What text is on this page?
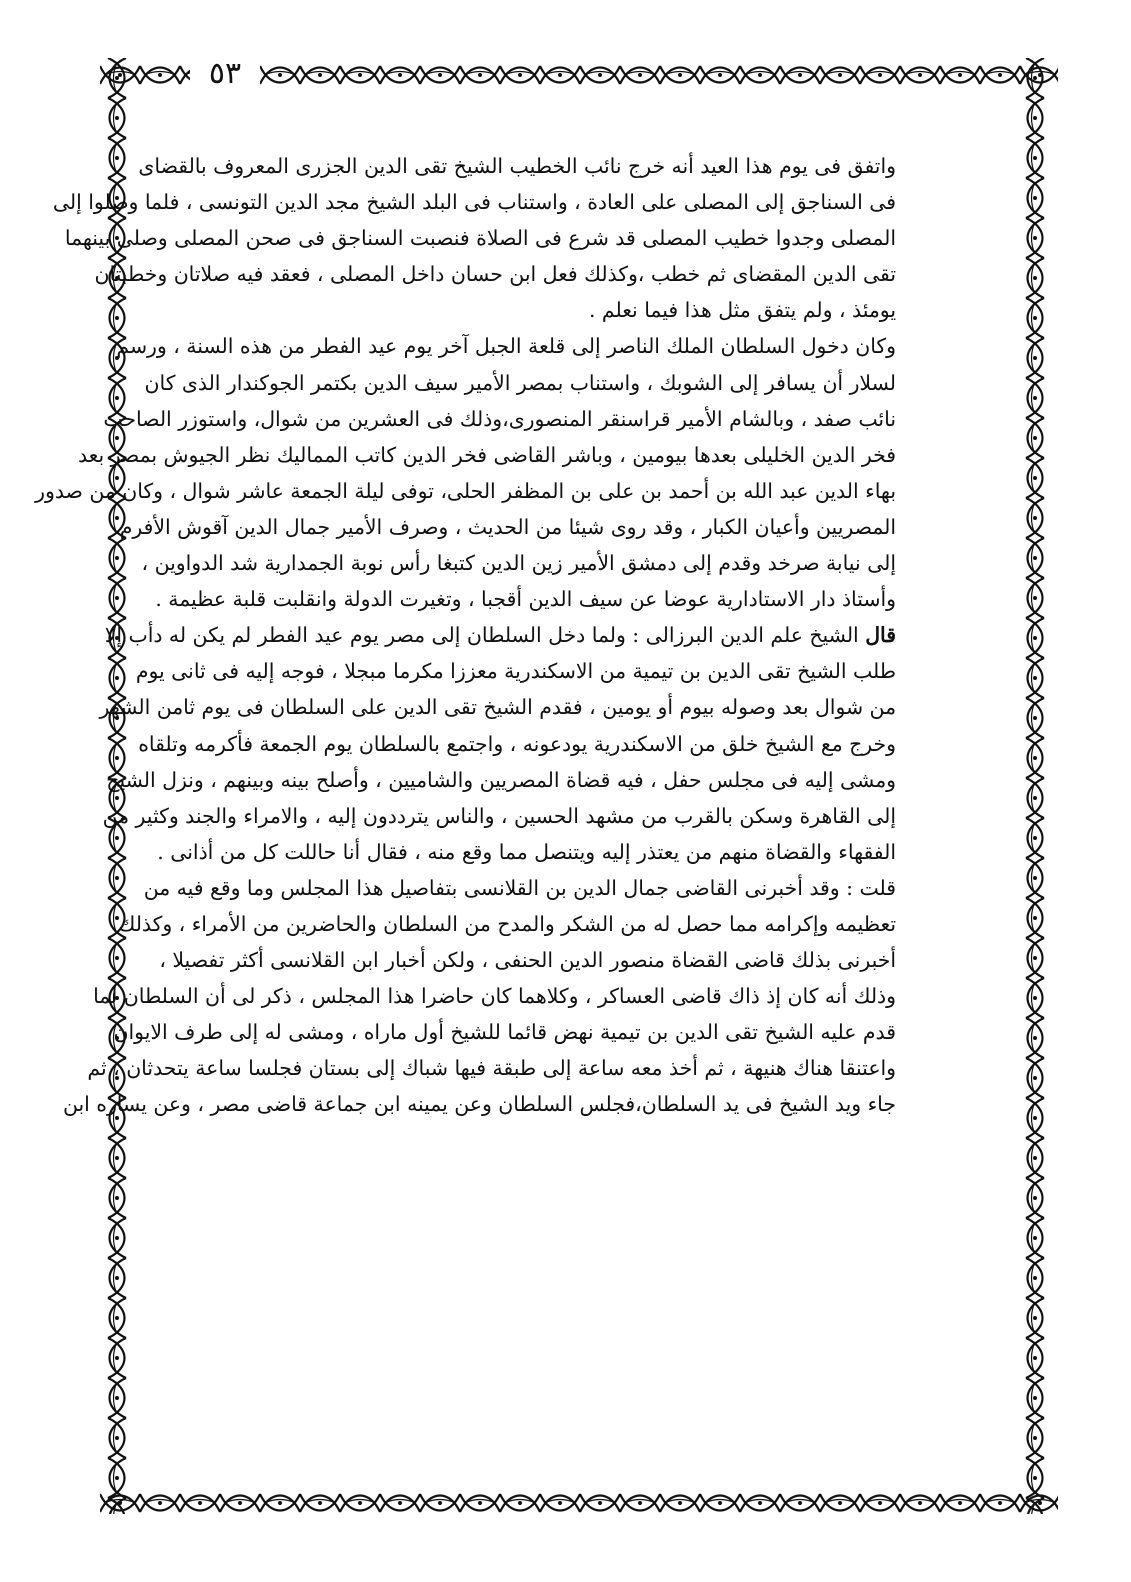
٥٣
واتفق فى يوم هذا العيد أنه خرج نائب الخطيب الشيخ تقى الدين الجزرى المعروف بالقضاى
فى السناجق إلى المصلى على العادة ، واستناب فى البلد الشيخ مجد الدين التونسى ، فلما وصلوا إلى
المصلى وجدوا خطيب المصلى قد شرع فى الصلاة فنصبت السناجق فى صحن المصلى وصلى بينهما
تقى الدين المقضاى ثم خطب ،وكذلك فعل ابن حسان داخل المصلى ، فعقد فيه صلاتان وخطبتان
يومئذ ، ولم يتفق مثل هذا فيما نعلم .
وكان دخول السلطان الملك الناصر إلى قلعة الجبل آخر يوم عيد الفطر من هذه السنة ، ورسم
لسلار أن يسافر إلى الشوبك ، واستناب بمصر الأمير سيف الدين بكتمر الجوكندار الذى كان
نائب صفد ، وبالشام الأمير قراسنقر المنصورى،وذلك فى العشرين من شوال، واستوزر الصاحب
فخر الدين الخليلى بعدها بيومين ، وباشر القاضى فخر الدين كاتب المماليك نظر الجيوش بمصر بعد
بهاء الدين عبد الله بن أحمد بن على بن المظفر الحلى، توفى ليلة الجمعة عاشر شوال ، وكان من صدور
المصريين وأعيان الكبار ، وقد روى شيئا من الحديث ، وصرف الأمير جمال الدين آقوش الأفرم
إلى نيابة صرخد وقدم إلى دمشق الأمير زين الدين كتبغا رأس نوبة الجمدارية شد الدواوين ،
وأستاذ دار الاستادارية عوضا عن سيف الدين أقجبا ، وتغيرت الدولة وانقلبت قلبة عظيمة .
قال الشيخ علم الدين البرزالى : ولما دخل السلطان إلى مصر يوم عيد الفطر لم يكن له دأب إلا
طلب الشيخ تقى الدين بن تيمية من الاسكندرية معززا مكرما مبجلا ، فوجه إليه فى ثانى يوم
من شوال بعد وصوله بيوم أو يومين ، فقدم الشيخ تقى الدين على السلطان فى يوم ثامن الشهر
وخرج مع الشيخ خلق من الاسكندرية يودعونه ، واجتمع بالسلطان يوم الجمعة فأكرمه وتلقاه
ومشى إليه فى مجلس حفل ، فيه قضاة المصريين والشاميين ، وأصلح بينه وبينهم ، ونزل الشيخ
إلى القاهرة وسكن بالقرب من مشهد الحسين ، والناس يترددون إليه ، والامراء والجند وكثير من
الفقهاء والقضاة منهم من يعتذر إليه ويتنصل مما وقع منه ، فقال أنا حاللت كل من أذانى .
قلت : وقد أخبرنى القاضى جمال الدين بن القلانسى بتفاصيل هذا المجلس وما وقع فيه من
تعظيمه وإكرامه مما حصل له من الشكر والمدح من السلطان والحاضرين من الأمراء ، وكذلك
أخبرنى بذلك قاضى القضاة منصور الدين الحنفى ، ولكن أخبار ابن القلانسى أكثر تفصيلا ،
وذلك أنه كان إذ ذاك قاضى العساكر ، وكلاهما كان حاضرا هذا المجلس ، ذكر لى أن السلطان لما
قدم عليه الشيخ تقى الدين بن تيمية نهض قائما للشيخ أول ماراه ، ومشى له إلى طرف الايوان
واعتنقا هناك هنيهة ، ثم أخذ معه ساعة إلى طبقة فيها شباك إلى بستان فجلسا ساعة يتحدثان ، ثم
جاء ويد الشيخ فى يد السلطان،فجلس السلطان وعن يمينه ابن جماعة قاضى مصر ، وعن يساره ابن
